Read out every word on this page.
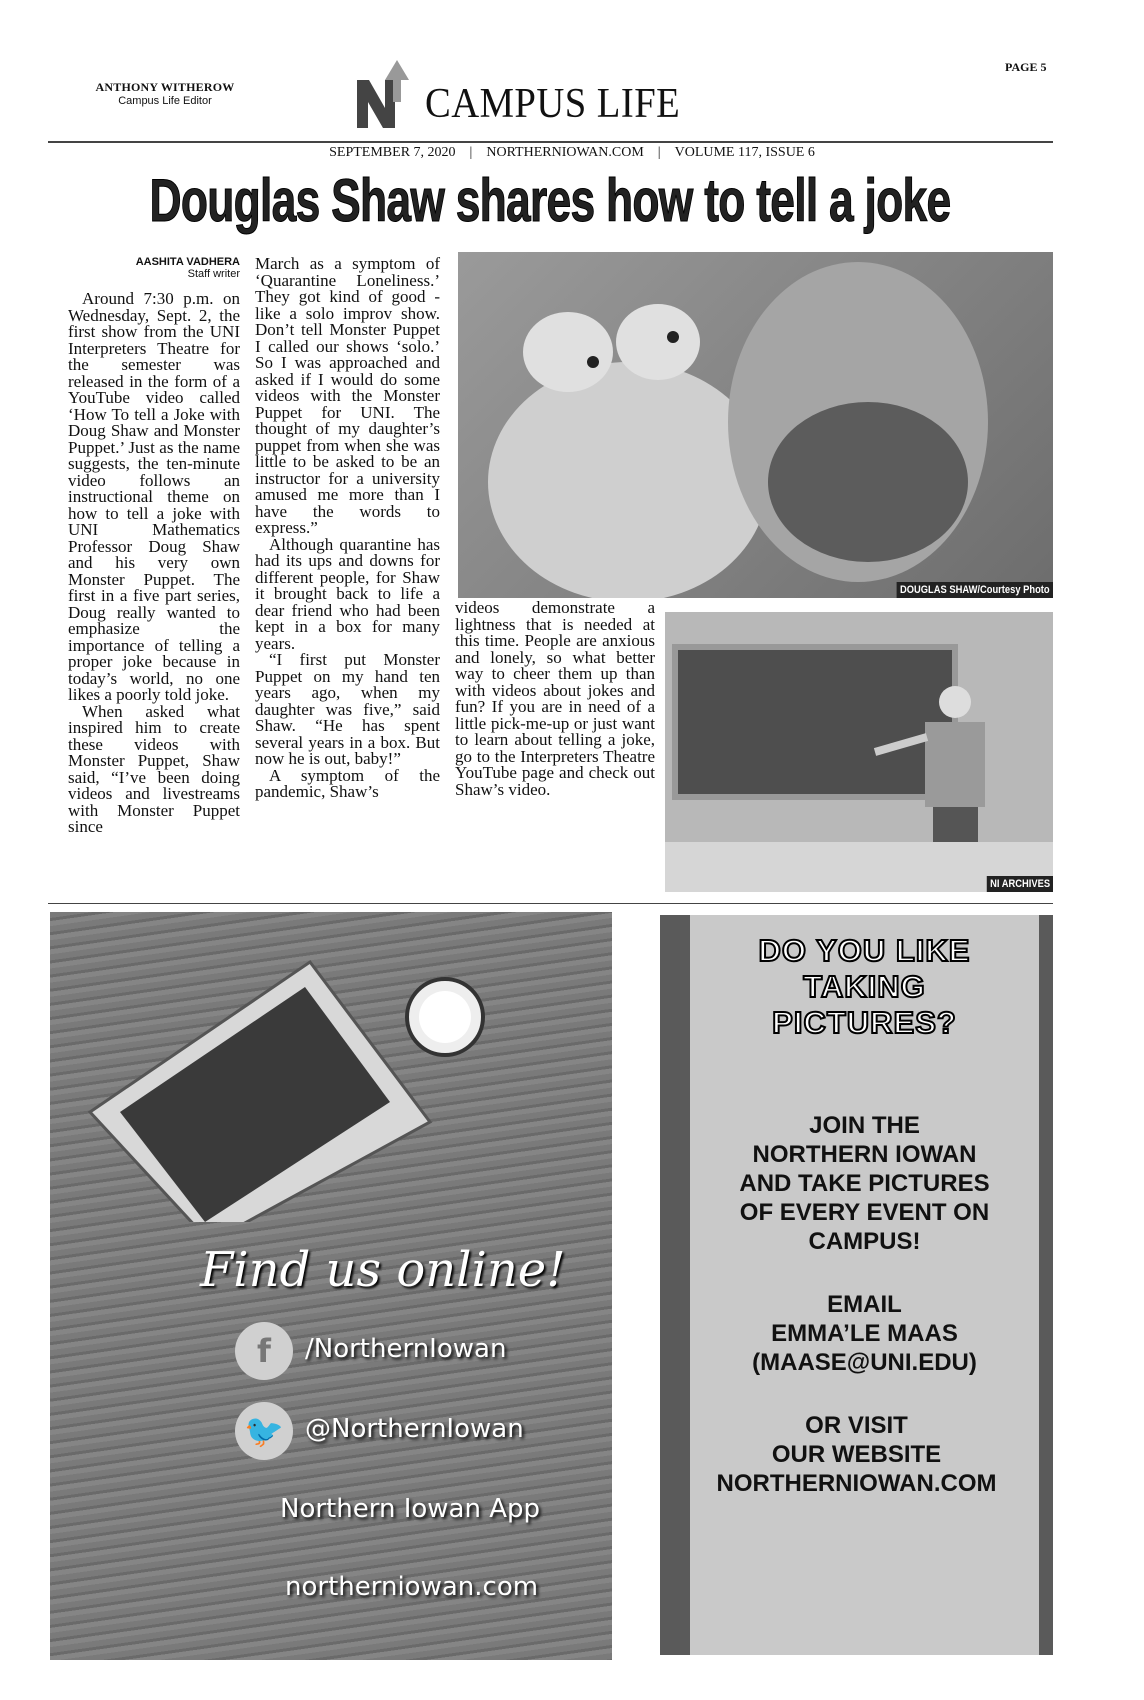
ANTHONY WITHEROW
Campus Life Editor	CAMPUS LIFE
PAGE 5
SEPTEMBER 7, 2020 | NORTHERNIOWAN.COM | VOLUME 117, ISSUE 6
Douglas Shaw shares how to tell a joke
AASHITA VADHERA
Staff writer

Around 7:30 p.m. on Wednesday, Sept. 2, the first show from the UNI Interpreters Theatre for the semester was released in the form of a YouTube video called ‘How To tell a Joke with Doug Shaw and Monster Puppet.’ Just as the name suggests, the ten-minute video follows an instructional theme on how to tell a joke with UNI Mathematics Professor Doug Shaw and his very own Monster Puppet. The first in a five part series, Doug really wanted to emphasize the importance of telling a proper joke because in today’s world, no one likes a poorly told joke.

When asked what inspired him to create these videos with Monster Puppet, Shaw said, “I’ve been doing videos and livestreams with Monster Puppet since

March as a symptom of ‘Quarantine Loneliness.’ They got kind of good - like a solo improv show. Don’t tell Monster Puppet I called our shows ‘solo.’ So I was approached and asked if I would do some videos with the Monster Puppet for UNI. The thought of my daughter’s puppet from when she was little to be asked to be an instructor for a university amused me more than I have the words to express.”

Although quarantine has had its ups and downs for different people, for Shaw it brought back to life a dear friend who had been kept in a box for many years.

“I first put Monster Puppet on my hand ten years ago, when my daughter was five,” said Shaw. “He has spent several years in a box. But now he is out, baby!”

A symptom of the pandemic, Shaw’s

videos demonstrate a lightness that is needed at this time. People are anxious and lonely, so what better way to cheer them up than with videos about jokes and fun? If you are in need of a little pick-me-up or just want to learn about telling a joke, go to the Interpreters Theatre YouTube page and check out Shaw’s video.

DOUGLAS SHAW/Courtesy Photo
NI ARCHIVES
Find us online!
f	/NorthernIowan
🐦 @NorthernIowan
Northern Iowan App
northerniowan.com
DO YOU LIKE
TAKING
PICTURES?
JOIN THE
NORTHERN IOWAN
AND TAKE PICTURES
OF EVERY EVENT ON
CAMPUS!
EMAIL
EMMA’LE MAAS
(MAASE@UNI.EDU)
OR VISIT
OUR WEBSITE
NORTHERNIOWAN.COM
